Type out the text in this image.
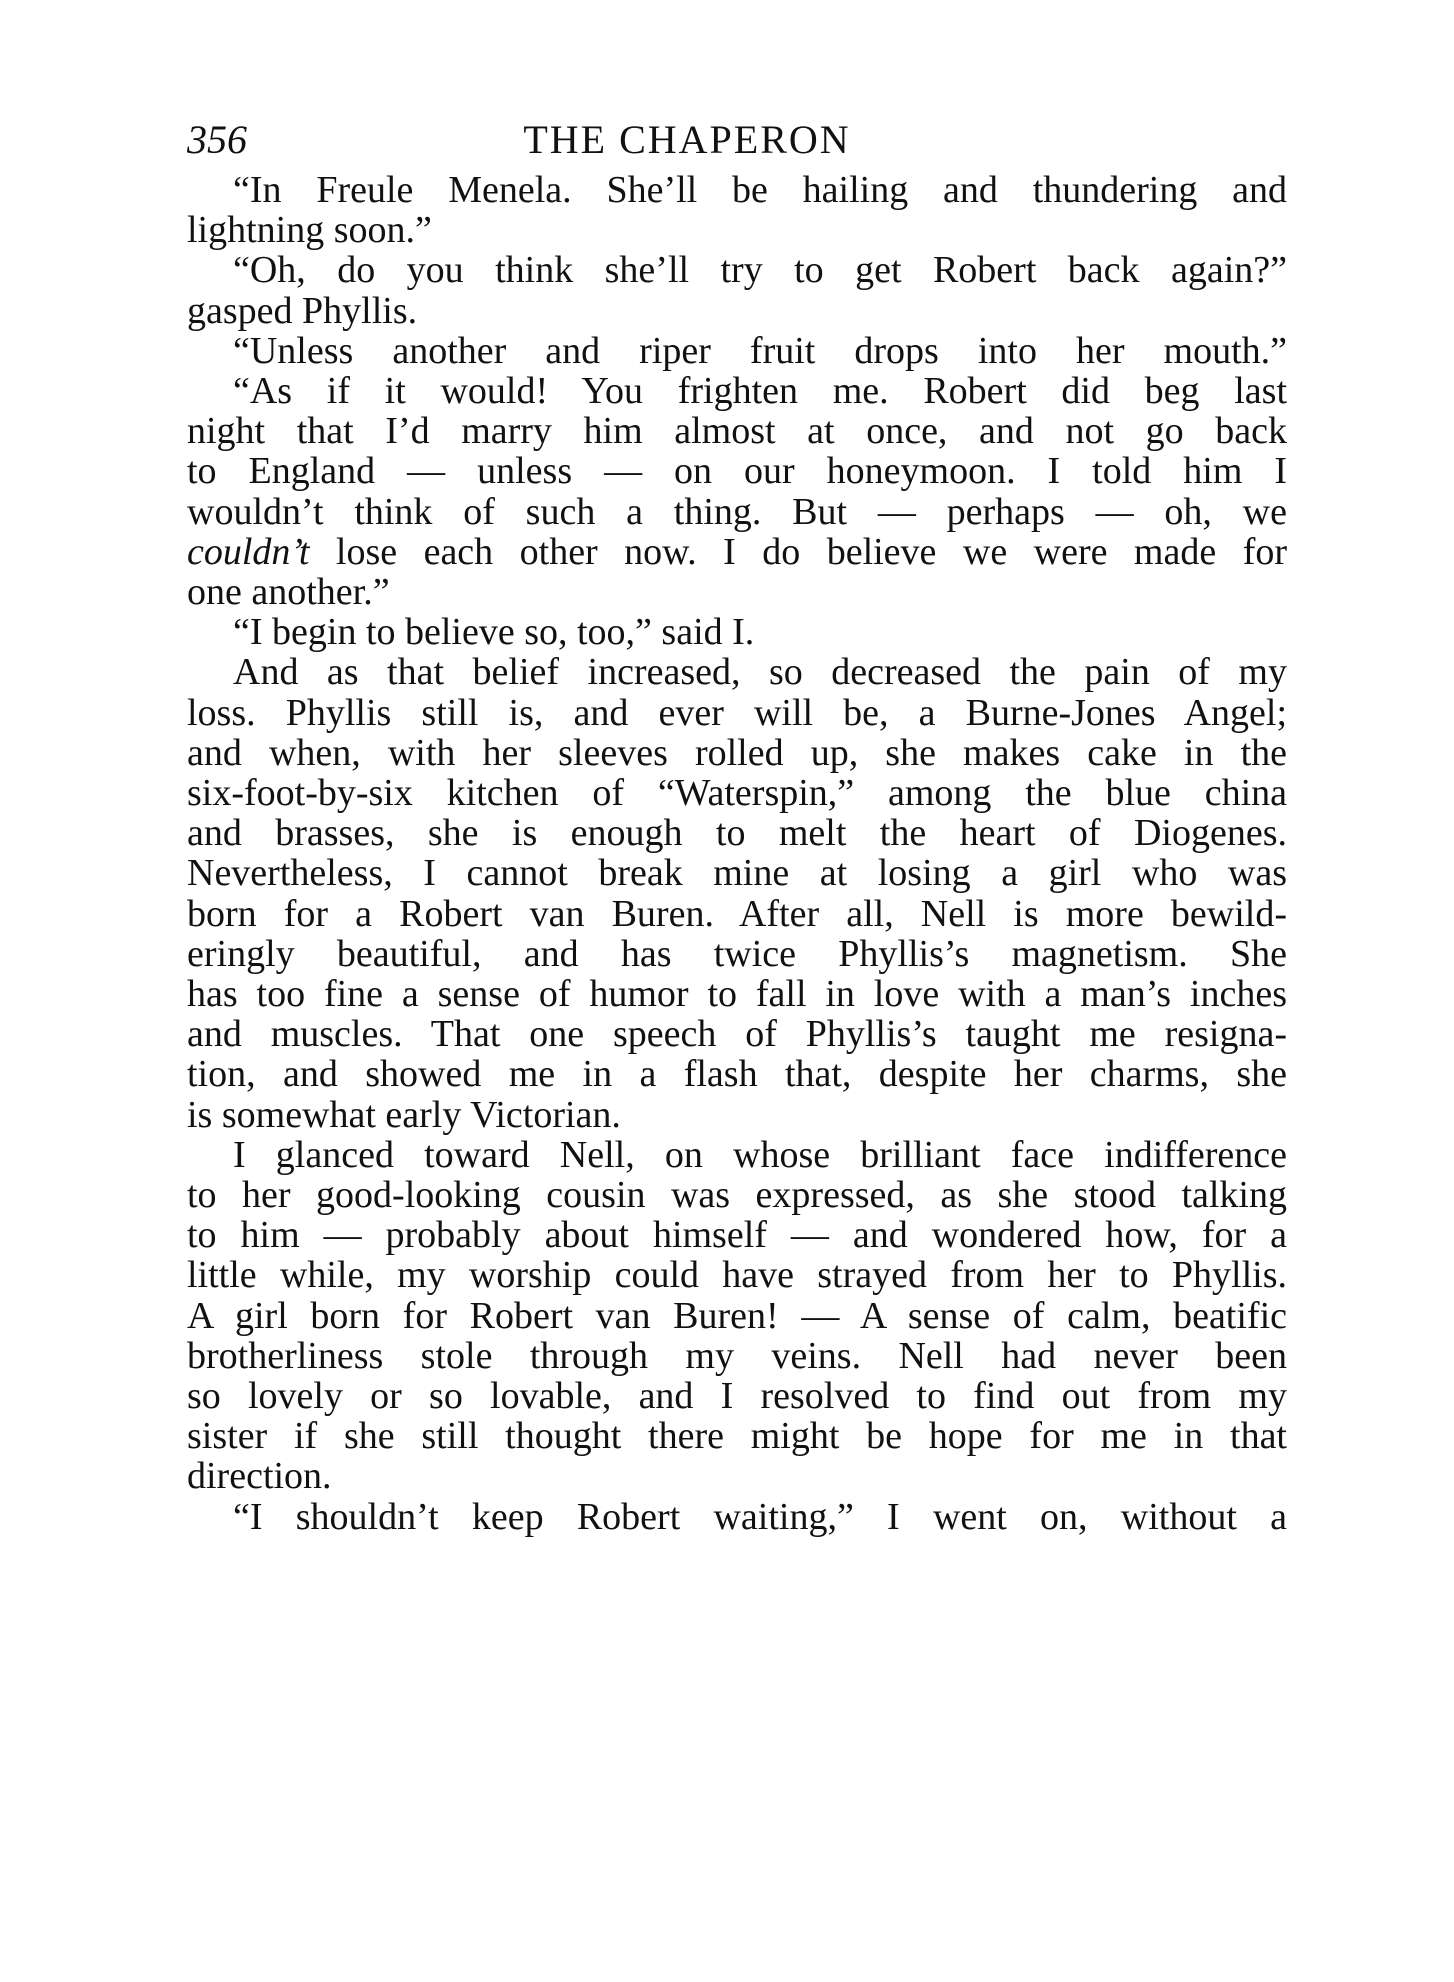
356	THE CHAPERON
“In Freule Menela. She’ll be hailing and thundering and
lightning soon.”
“Oh, do you think she’ll try to get Robert back again?”
gasped Phyllis.
“Unless another and riper fruit drops into her mouth.”
“As if it would! You frighten me. Robert did beg last
night that I’d marry him almost at once, and not go back
to England — unless — on our honeymoon. I told him I
wouldn’t think of such a thing. But — perhaps — oh, we
couldn’t lose each other now. I do believe we were made for
one another.”
“I begin to believe so, too,” said I.
And as that belief increased, so decreased the pain of my
loss. Phyllis still is, and ever will be, a Burne-Jones Angel;
and when, with her sleeves rolled up, she makes cake in the
six-foot-by-six kitchen of “Waterspin,” among the blue china
and brasses, she is enough to melt the heart of Diogenes.
Nevertheless, I cannot break mine at losing a girl who was
born for a Robert van Buren. After all, Nell is more bewild-
eringly beautiful, and has twice Phyllis’s magnetism. She
has too fine a sense of humor to fall in love with a man’s inches
and muscles. That one speech of Phyllis’s taught me resigna-
tion, and showed me in a flash that, despite her charms, she
is somewhat early Victorian.
I glanced toward Nell, on whose brilliant face indifference
to her good-looking cousin was expressed, as she stood talking
to him — probably about himself — and wondered how, for a
little while, my worship could have strayed from her to Phyllis.
A girl born for Robert van Buren! — A sense of calm, beatific
brotherliness stole through my veins. Nell had never been
so lovely or so lovable, and I resolved to find out from my
sister if she still thought there might be hope for me in that
direction.
“I shouldn’t keep Robert waiting,” I went on, without a
